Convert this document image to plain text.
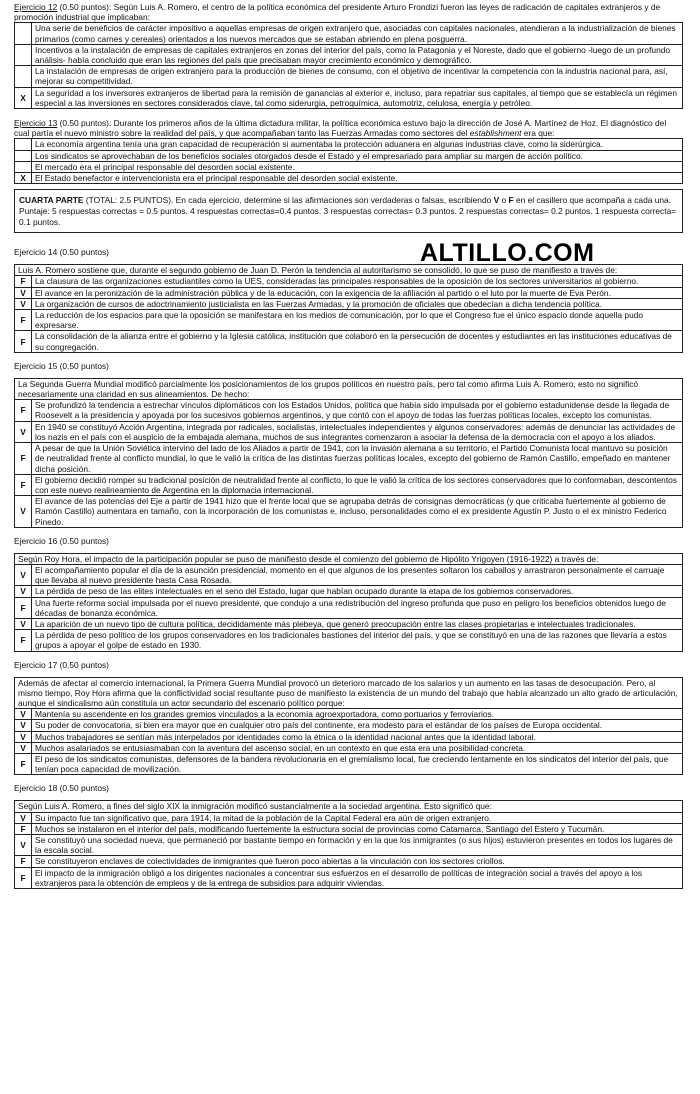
Ejercicio 12 (0.50 puntos): Según Luis A. Romero, el centro de la política económica del presidente Arturo Frondizi fueron las leyes de radicación de capitales extranjeros y de promoción industrial que implicaban:

	Una serie de beneficios de carácter impositivo a aquellas empresas de origen extranjero que, asociadas con capitales nacionales, atendieran a la industrialización de bienes primarios (como carnes y cereales) orientados a los nuevos mercados que se estaban abriendo en plena posguerra.
	Incentivos a la instalación de empresas de capitales extranjeros en zonas del interior del país, como la Patagonia y el Noreste, dado que el gobierno -luego de un profundo análisis- había concluido que eran las regiones del país que precisaban mayor crecimiento económico y demográfico.
	La instalación de empresas de origen extranjero para la producción de bienes de consumo, con el objetivo de incentivar la competencia con la industria nacional para, así, mejorar su competitividad.
X	La seguridad a los inversores extranjeros de libertad para la remisión de ganancias al exterior e, incluso, para repatriar sus capitales, al tiempo que se establecía un régimen especial a las inversiones en sectores considerados clave, tal como siderurgia, petroquímica, automotriz, celulosa, energía y petróleo.

Ejercicio 13 (0.50 puntos): Durante los primeros años de la última dictadura militar, la política económica estuvo bajo la dirección de José A. Martínez de Hoz. El diagnóstico del cual partía el nuevo ministro sobre la realidad del país, y que acompañaban tanto las Fuerzas Armadas como sectores del establishment era que:

	La economía argentina tenía una gran capacidad de recuperación si aumentaba la protección aduanera en algunas industrias clave, como la siderúrgica.
	Los sindicatos se aprovechaban de los beneficios sociales otorgados desde el Estado y el empresariado para ampliar su margen de acción político.
	El mercado era el principal responsable del desorden social existente.
X	El Estado benefactor e intervencionista era el principal responsable del desorden social existente.
CUARTA PARTE (TOTAL: 2.5 PUNTOS). En cada ejercicio, determine si las afirmaciones son verdaderas o falsas, escribiendo V o F en el casillero que acompaña a cada una. Puntaje: 5 respuestas correctas = 0.5 puntos. 4 respuestas correctas=0.4 puntos. 3 respuestas correctas= 0.3 puntos. 2 respuestas correctas= 0.2 puntos. 1 respuesta correcta= 0.1 puntos.
Ejercicio 14 (0.50 puntos)	ALTILLO.COM
Luis A. Romero sostiene que, durante el segundo gobierno de Juan D. Perón la tendencia al autoritarismo se consolidó, lo que se puso de manifiesto a través de:
F	La clausura de las organizaciones estudiantiles como la UES, consideradas las principales responsables de la oposición de los sectores universitarios al gobierno.
V	El avance en la peronización de la administración pública y de la educación, con la exigencia de la afiliación al partido o el luto por la muerte de Eva Perón.
V	La organización de cursos de adoctrinamiento justicialista en las Fuerzas Armadas, y la promoción de oficiales que obedecían a dicha tendencia política.
F	La reducción de los espacios para que la oposición se manifestara en los medios de comunicación, por lo que el Congreso fue el único espacio donde aquella pudo expresarse.
F	La consolidación de la alianza entre el gobierno y la Iglesia católica, institución que colaboró en la persecución de docentes y estudiantes en las instituciones educativas de su congregación.
Ejercicio 15 (0.50 puntos)
La Segunda Guerra Mundial modificó parcialmente los posicionamientos de los grupos políticos en nuestro país, pero tal como afirma Luis A. Romero, esto no significó necesariamente una claridad en sus alineamientos. De hecho:
F	Se profundizó la tendencia a estrechar vínculos diplomáticos con los Estados Unidos, política que había sido impulsada por el gobierno estadunidense desde la llegada de Roosevelt a la presidencia y apoyada por los sucesivos gobiernos argentinos, y que contó con el apoyo de todas las fuerzas políticas locales, excepto los comunistas.
V	En 1940 se constituyó Acción Argentina, integrada por radicales, socialistas, intelectuales independientes y algunos conservadores: además de denunciar las actividades de los nazis en el país con el auspicio de la embajada alemana, muchos de sus integrantes comenzaron a asociar la defensa de la democracia con el apoyo a los aliados.
F	A pesar de que la Unión Soviética intervino del lado de los Aliados a partir de 1941, con la invasión alemana a su territorio, el Partido Comunista local mantuvo su posición de neutralidad frente al conflicto mundial, lo que le valió la crítica de las distintas fuerzas políticas locales, excepto del gobierno de Ramón Castillo, empeñado en mantener dicha posición.
F	El gobierno decidió romper su tradicional posición de neutralidad frente al conflicto, lo que le valió la crítica de los sectores conservadores que lo conformaban, descontentos con este nuevo realineamiento de Argentina en la diplomacia internacional.
V	El avance de las potencias del Eje a partir de 1941 hizo que el frente local que se agrupaba detrás de consignas democráticas (y que criticaba fuertemente al gobierno de Ramón Castillo) aumentara en tamaño, con la incorporación de los comunistas e, incluso, personalidades como el ex presidente Agustín P. Justo o el ex ministro Federico Pinedo.
Ejercicio 16 (0.50 puntos)
Según Roy Hora, el impacto de la participación popular se puso de manifiesto desde el comienzo del gobierno de Hipólito Yrigoyen (1916-1922) a través de:
V	El acompañamiento popular el día de la asunción presidencial, momento en el que algunos de los presentes soltaron los caballos y arrastraron personalmente el carruaje que llevaba al nuevo presidente hasta Casa Rosada.
V	La pérdida de peso de las elites intelectuales en el seno del Estado, lugar que habían ocupado durante la etapa de los gobiernos conservadores.
F	Una fuerte reforma social impulsada por el nuevo presidente, que condujo a una redistribución del ingreso profunda que puso en peligro los beneficios obtenidos luego de décadas de bonanza económica.
V	La aparición de un nuevo tipo de cultura política, decididamente más plebeya, que generó preocupación entre las clases propietarias e intelectuales tradicionales.
F	La pérdida de peso político de los grupos conservadores en los tradicionales bastiones del interior del país, y que se constituyó en una de las razones que llevaría a estos grupos a apoyar el golpe de estado en 1930.
Ejercicio 17 (0.50 puntos)
Además de afectar al comercio internacional, la Primera Guerra Mundial provocó un deterioro marcado de los salarios y un aumento en las tasas de desocupación. Pero, al mismo tiempo, Roy Hora afirma que la conflictividad social resultante puso de manifiesto la existencia de un mundo del trabajo que había alcanzado un alto grado de articulación, aunque el sindicalismo aún constituía un actor secundario del escenario político porque:
V	Mantenía su ascendente en los grandes gremios vinculados a la economía agroexportadora, como portuarios y ferroviarios.
V	Su poder de convocatoria, si bien era mayor que en cualquier otro país del continente, era modesto para el estándar de los países de Europa occidental.
V	Muchos trabajadores se sentían más interpelados por identidades como la étnica o la identidad nacional antes que la identidad laboral.
V	Muchos asalariados se entusiasmaban con la aventura del ascenso social, en un contexto en que esta era una posibilidad concreta.
F	El peso de los sindicatos comunistas, defensores de la bandera revolucionaria en el gremialismo local, fue creciendo lentamente en los sindicatos del interior del país, que tenían poca capacidad de movilización.
Ejercicio 18 (0.50 puntos)
Según Luis A. Romero, a fines del siglo XIX la inmigración modificó sustancialmente a la sociedad argentina. Esto significó que:
V	Su impacto fue tan significativo que, para 1914, la mitad de la población de la Capital Federal era aún de origen extranjero.
F	Muchos se instalaron en el interior del país, modificando fuertemente la estructura social de provincias como Catamarca, Santiago del Estero y Tucumán.
V	Se constituyó una sociedad nueva, que permaneció por bastante tiempo en formación y en la que los inmigrantes (o sus hijos) estuvieron presentes en todos los lugares de la escala social.
F	Se constituyeron enclaves de colectividades de inmigrantes que fueron poco abiertas a la vinculación con los sectores criollos.
F	El impacto de la inmigración obligó a los dirigentes nacionales a concentrar sus esfuerzos en el desarrollo de políticas de integración social a través del apoyo a los extranjeros para la obtención de empleos y de la entrega de subsidios para adquirir viviendas.
